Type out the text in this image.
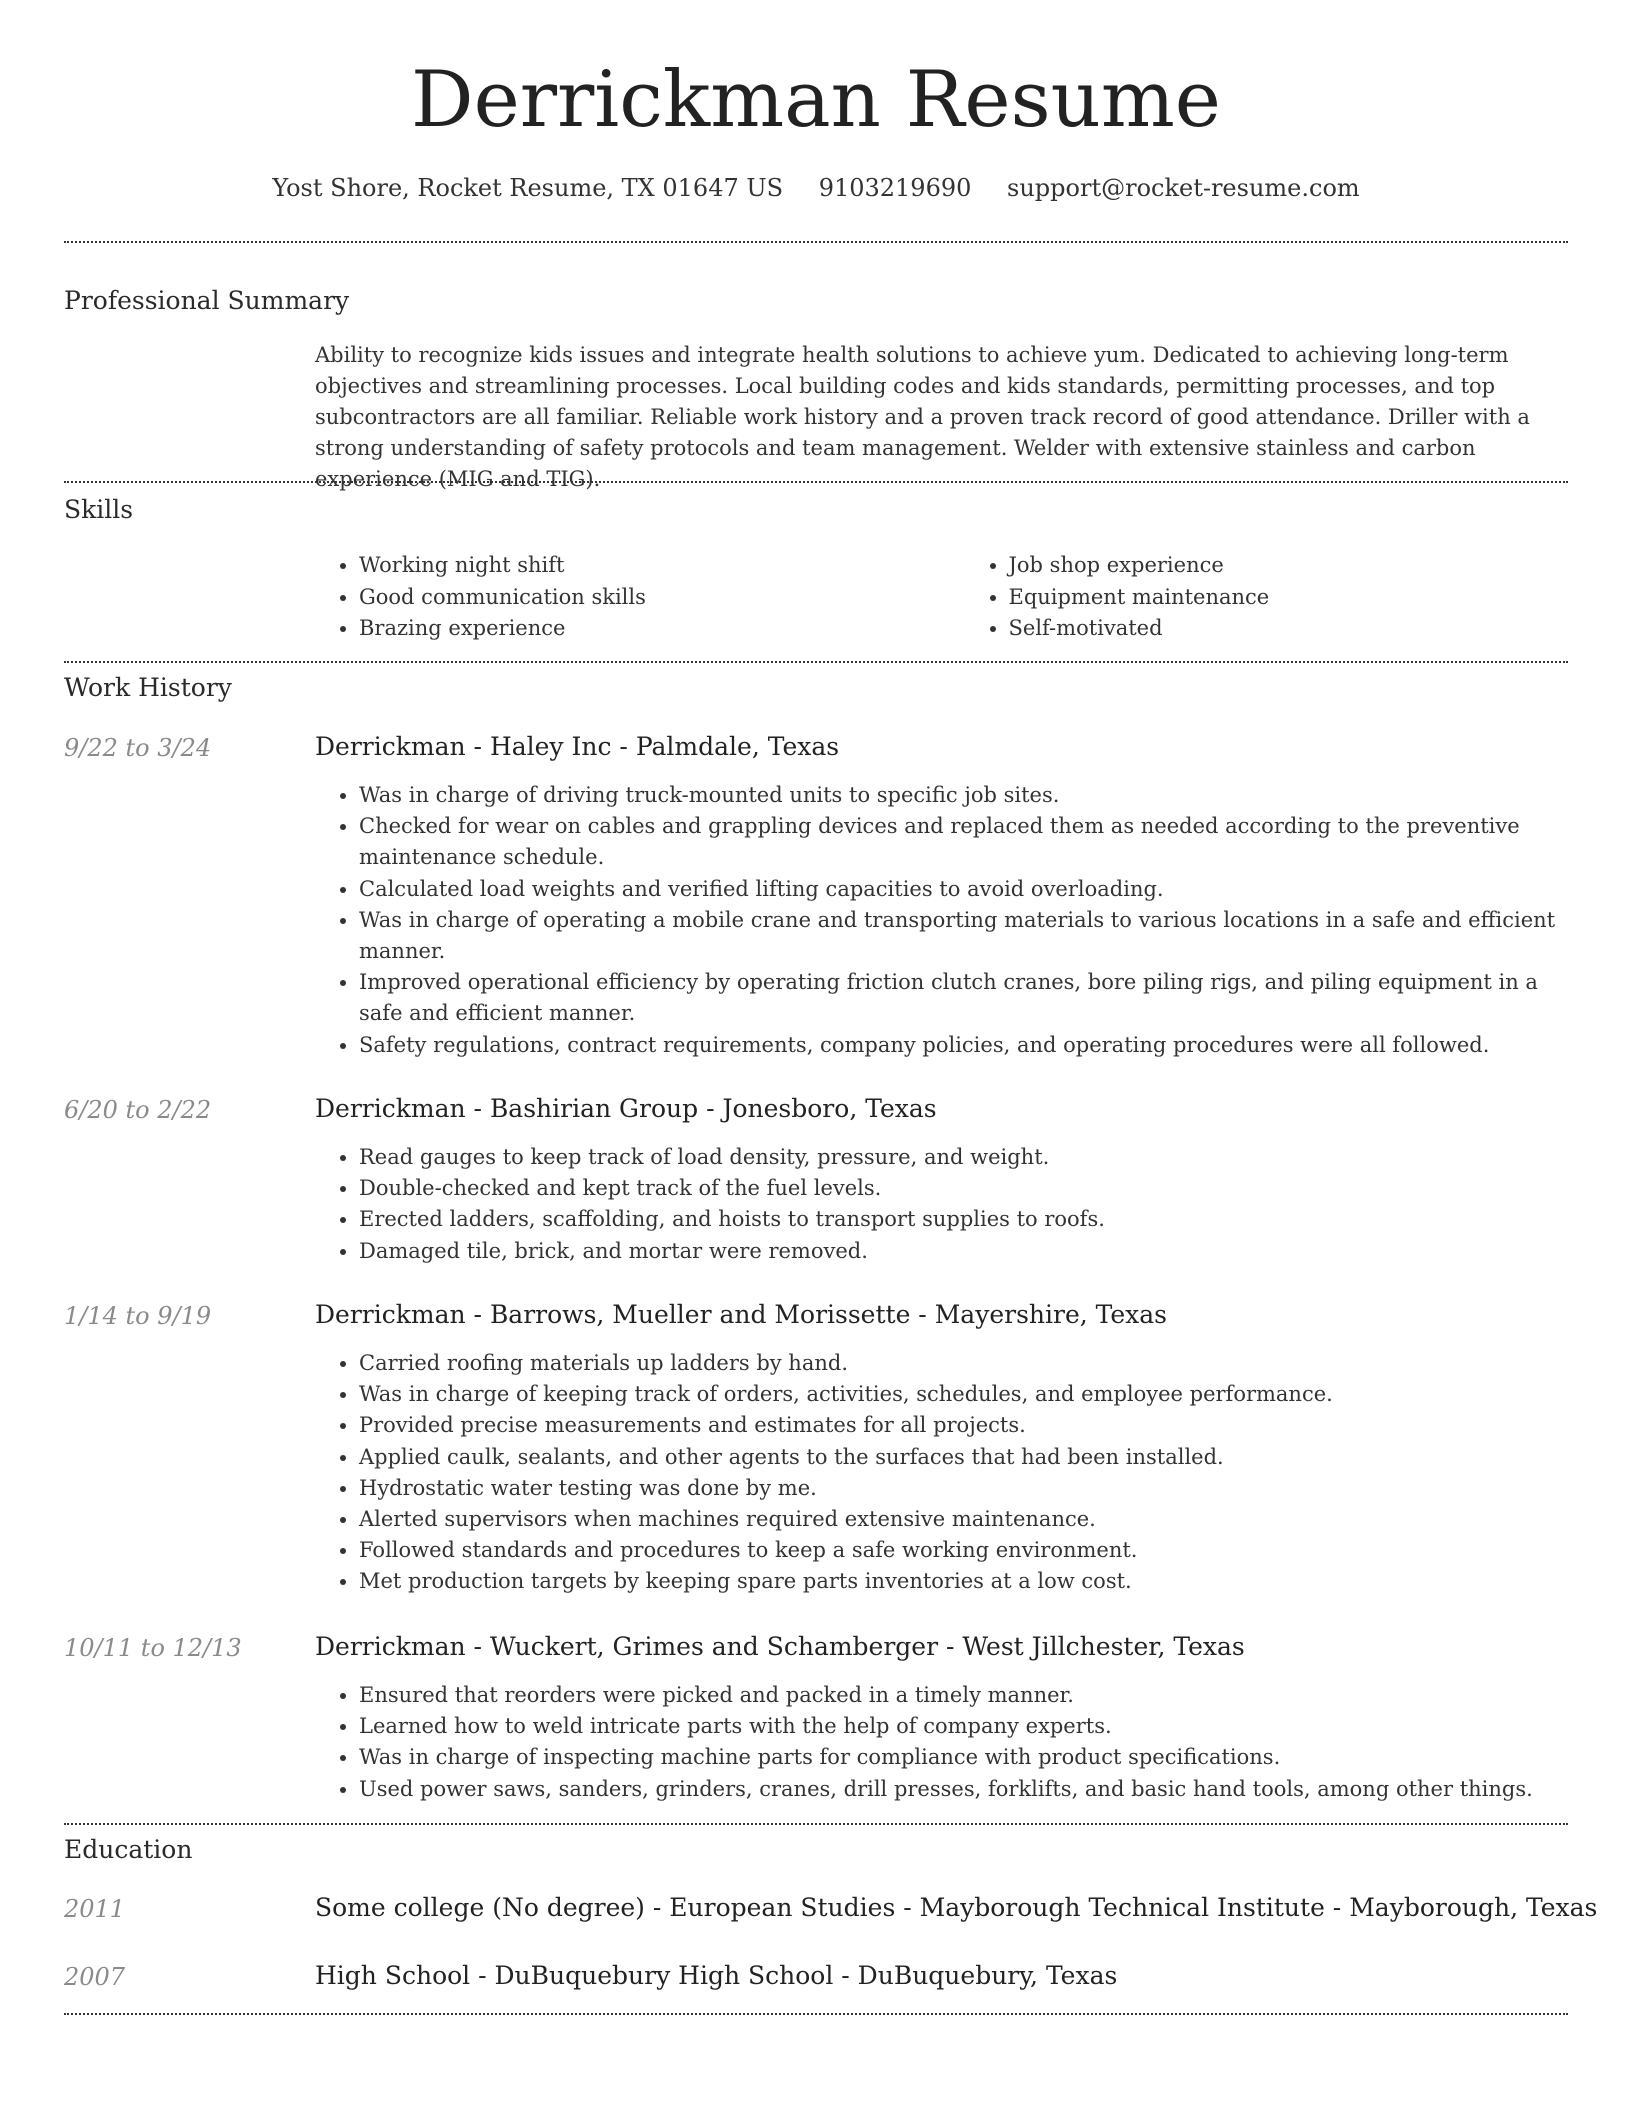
Derrickman Resume
Yost Shore, Rocket Resume, TX 01647 US 9103219690 support@rocket-resume.com
Professional Summary
Ability to recognize kids issues and integrate health solutions to achieve yum. Dedicated to achieving long-term objectives and streamlining processes. Local building codes and kids standards, permitting processes, and top subcontractors are all familiar. Reliable work history and a proven track record of good attendance. Driller with a strong understanding of safety protocols and team management. Welder with extensive stainless and carbon experience (MIG and TIG).
Skills
• Working night shift
• Good communication skills
• Brazing experience
• Job shop experience
• Equipment maintenance
• Self-motivated
Work History
9/22 to 3/24	Derrickman - Haley Inc - Palmdale, Texas
• Was in charge of driving truck-mounted units to specific job sites.
• Checked for wear on cables and grappling devices and replaced them as needed according to the preventive maintenance schedule.
• Calculated load weights and verified lifting capacities to avoid overloading.
• Was in charge of operating a mobile crane and transporting materials to various locations in a safe and efficient manner.
• Improved operational efficiency by operating friction clutch cranes, bore piling rigs, and piling equipment in a safe and efficient manner.
• Safety regulations, contract requirements, company policies, and operating procedures were all followed.
6/20 to 2/22	Derrickman - Bashirian Group - Jonesboro, Texas
• Read gauges to keep track of load density, pressure, and weight.
• Double-checked and kept track of the fuel levels.
• Erected ladders, scaffolding, and hoists to transport supplies to roofs.
• Damaged tile, brick, and mortar were removed.
1/14 to 9/19	Derrickman - Barrows, Mueller and Morissette - Mayershire, Texas
• Carried roofing materials up ladders by hand.
• Was in charge of keeping track of orders, activities, schedules, and employee performance.
• Provided precise measurements and estimates for all projects.
• Applied caulk, sealants, and other agents to the surfaces that had been installed.
• Hydrostatic water testing was done by me.
• Alerted supervisors when machines required extensive maintenance.
• Followed standards and procedures to keep a safe working environment.
• Met production targets by keeping spare parts inventories at a low cost.
10/11 to 12/13	Derrickman - Wuckert, Grimes and Schamberger - West Jillchester, Texas
• Ensured that reorders were picked and packed in a timely manner.
• Learned how to weld intricate parts with the help of company experts.
• Was in charge of inspecting machine parts for compliance with product specifications.
• Used power saws, sanders, grinders, cranes, drill presses, forklifts, and basic hand tools, among other things.
Education
2011	Some college (No degree) - European Studies - Mayborough Technical Institute - Mayborough, Texas
2007	High School - DuBuquebury High School - DuBuquebury, Texas
